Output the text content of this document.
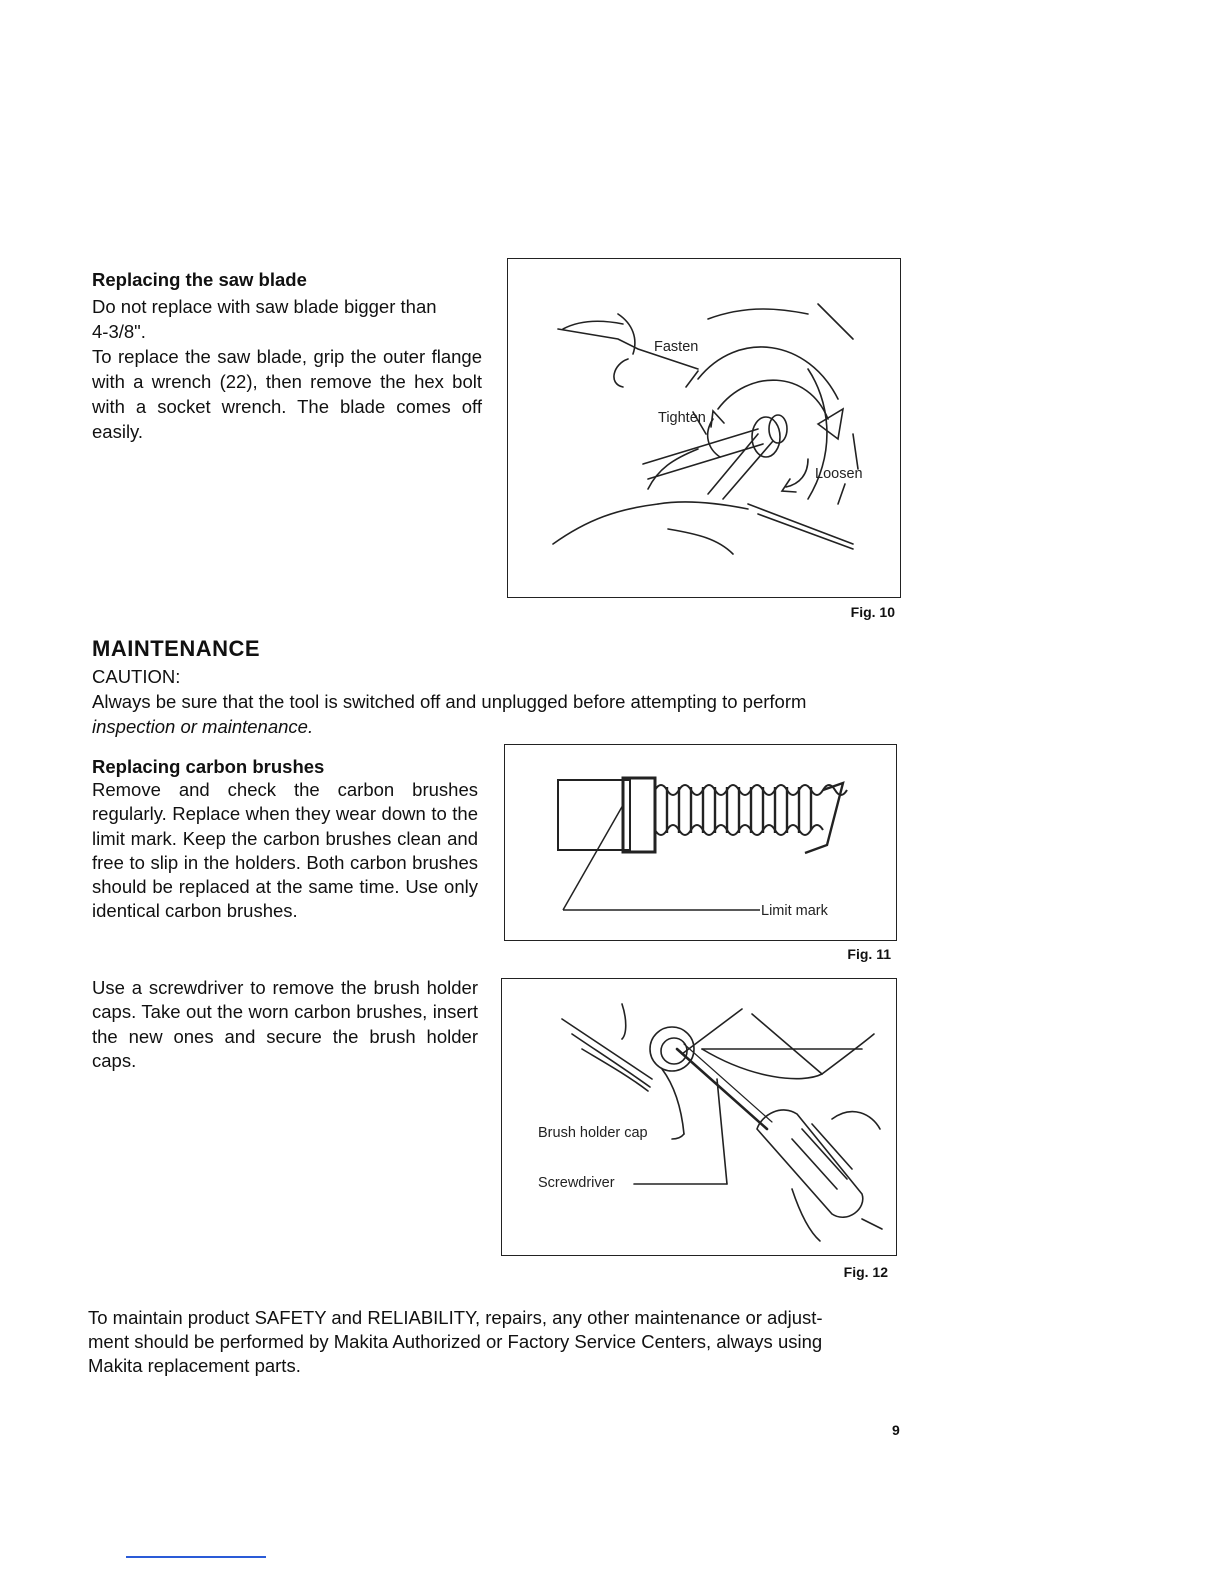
Replacing the saw blade
Do not replace with saw blade bigger than
4-3/8".
To replace the saw blade, grip the outer flange with a wrench (22), then remove the hex bolt with a socket wrench. The blade comes off easily.
Fasten
Tighten
Loosen
Fig. 10
MAINTENANCE
CAUTION:
Always be sure that the tool is switched off and unplugged before attempting to perform
inspection or maintenance.
Replacing carbon brushes
Remove and check the carbon brushes regularly. Replace when they wear down to the limit mark. Keep the carbon brushes clean and free to slip in the holders. Both carbon brushes should be replaced at the same time. Use only identical carbon brushes.
Use a screwdriver to remove the brush holder caps. Take out the worn carbon brushes, insert the new ones and secure the brush holder caps.
Limit mark
Fig. 11
Brush holder cap
Screwdriver
Fig. 12
To maintain product SAFETY and RELIABILITY, repairs, any other maintenance or adjust-
ment should be performed by Makita Authorized or Factory Service Centers, always using
Makita replacement parts.
9
